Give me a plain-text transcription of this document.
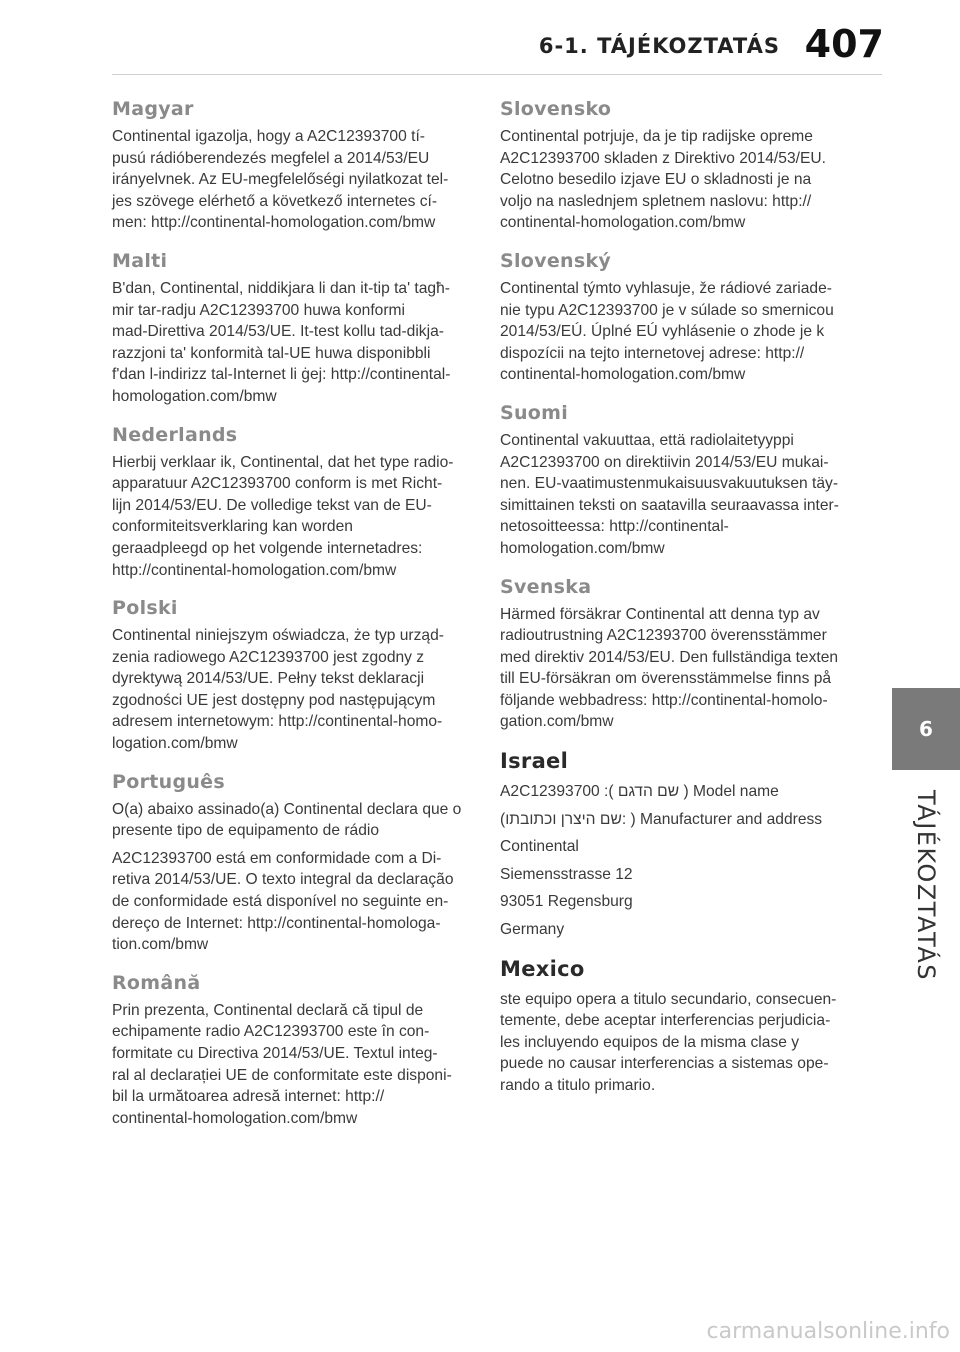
6-1. TÁJÉKOZTATÁS 407
Magyar

Continental igazolja, hogy a A2C12393700 tí-
pusú rádióberendezés megfelel a 2014/53/EU
irányelvnek. Az EU-megfelelőségi nyilatkozat tel-
jes szövege elérhető a következő internetes cí-
men: http://continental-homologation.com/bmw

Malti

B'dan, Continental, niddikjara li dan it-tip ta' tagħ-
mir tar-radju A2C12393700 huwa konformi
mad-Direttiva 2014/53/UE. It-test kollu tad-dikja-
razzjoni ta' konformità tal-UE huwa disponibbli
f'dan l-indirizz tal-Internet li ġej: http://continental-
homologation.com/bmw

Nederlands

Hierbij verklaar ik, Continental, dat het type radio-
apparatuur A2C12393700 conform is met Richt-
lijn 2014/53/EU. De volledige tekst van de EU-
conformiteitsverklaring kan worden
geraadpleegd op het volgende internetadres:
http://continental-homologation.com/bmw

Polski

Continental niniejszym oświadcza, że typ urząd-
zenia radiowego A2C12393700 jest zgodny z
dyrektywą 2014/53/UE. Pełny tekst deklaracji
zgodności UE jest dostępny pod następującym
adresem internetowym: http://continental-homo-
logation.com/bmw

Português

O(a) abaixo assinado(a) Continental declara que o
presente tipo de equipamento de rádio

A2C12393700 está em conformidade com a Di-
retiva 2014/53/UE. O texto integral da declaração
de conformidade está disponível no seguinte en-
dereço de Internet: http://continental-homologa-
tion.com/bmw

Română

Prin prezenta, Continental declară că tipul de
echipamente radio A2C12393700 este în con-
formitate cu Directiva 2014/53/UE. Textul integ-
ral al declarației UE de conformitate este disponi-
bil la următoarea adresă internet: http://
continental-homologation.com/bmw

Slovensko

Continental potrjuje, da je tip radijske opreme
A2C12393700 skladen z Direktivo 2014/53/EU.
Celotno besedilo izjave EU o skladnosti je na
voljo na naslednjem spletnem naslovu: http://
continental-homologation.com/bmw

Slovenský

Continental týmto vyhlasuje, že rádiové zariade-
nie typu A2C12393700 je v súlade so smernicou
2014/53/EÚ. Úplné EÚ vyhlásenie o zhode je k
dispozícii na tejto internetovej adrese: http://
continental-homologation.com/bmw

Suomi

Continental vakuuttaa, että radiolaitetyyppi
A2C12393700 on direktiivin 2014/53/EU mukai-
nen. EU-vaatimustenmukaisuusvakuutuksen täy-
simittainen teksti on saatavilla seuraavassa inter-
netosoitteessa: http://continental-
homologation.com/bmw

Svenska

Härmed försäkrar Continental att denna typ av
radioutrustning A2C12393700 överensstämmer
med direktiv 2014/53/EU. Den fullständiga texten
till EU-försäkran om överensstämmelse finns på
följande webbadress: http://continental-homolo-
gation.com/bmw

Israel

A2C12393700 :( שם הדגם ) Model name

(שם היצרן וכתובתו: ) Manufacturer and address

Continental

Siemensstrasse 12

93051 Regensburg

Germany

Mexico

ste equipo opera a titulo secundario, consecuen-
temente, debe aceptar interferencias perjudicia-
les incluyendo equipos de la misma clase y
puede no causar interferencias a sistemas ope-
rando a titulo primario.

6
TÁJÉKOZTATÁS
carmanualsonline.info
